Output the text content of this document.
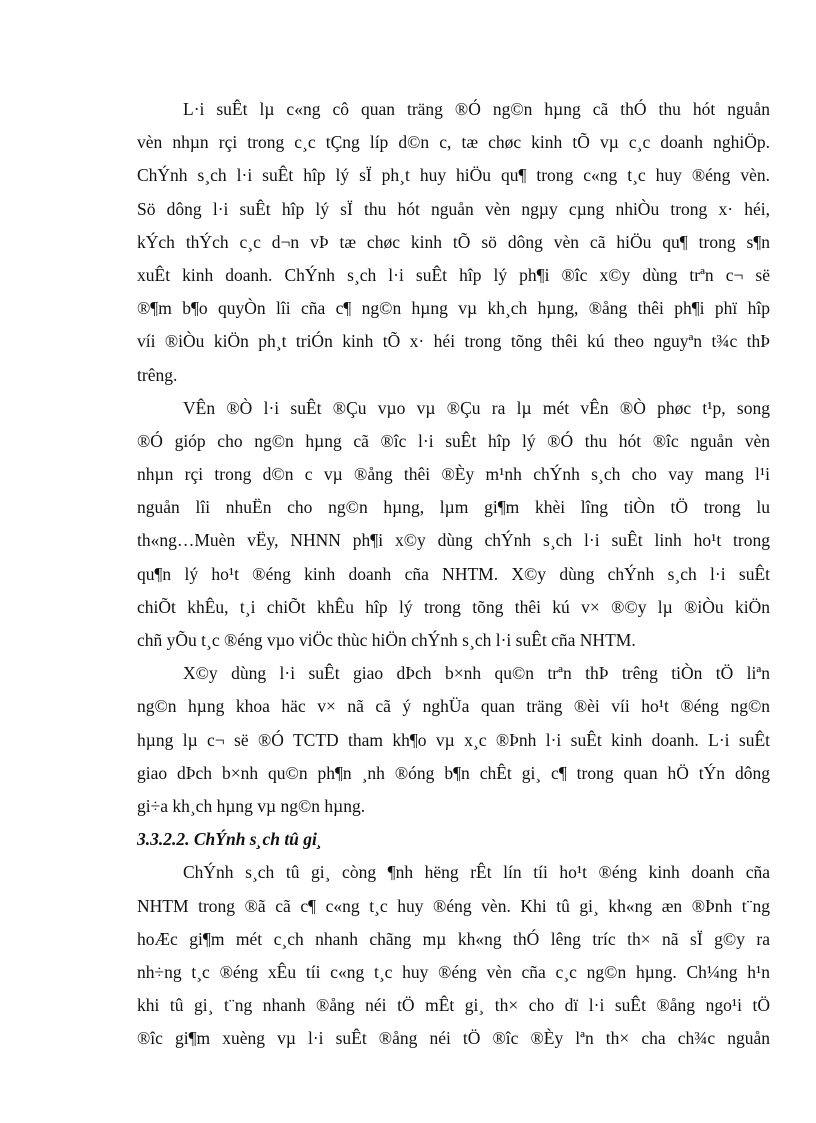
L·i suÊt lµ c«ng cô quan träng ®Ó ng©n hµng cã thÓ thu hót nguån
vèn nhµn rçi trong c¸c tÇng líp d©n c, tæ chøc kinh tÕ vµ c¸c doanh nghiÖp.
ChÝnh s¸ch l·i suÊt hîp lý sÏ ph¸t huy hiÖu qu¶ trong c«ng t¸c huy ®éng vèn.
Sö dông l·i suÊt hîp lý sÏ thu hót nguån vèn ngµy cµng nhiÒu trong x· héi,
kÝch thÝch c¸c d¬n vÞ tæ chøc kinh tÕ sö dông vèn cã hiÖu qu¶ trong s¶n
xuÊt kinh doanh. ChÝnh s¸ch l·i suÊt hîp lý ph¶i ®îc x©y dùng trªn c¬ së
®¶m b¶o quyÒn lîi cña c¶ ng©n hµng vµ kh¸ch hµng, ®ång thêi ph¶i phï hîp
víi ®iÒu kiÖn ph¸t triÓn kinh tÕ x· héi trong tõng thêi kú theo nguyªn t¾c thÞ
trêng.
VÊn ®Ò l·i suÊt ®Çu vµo vµ ®Çu ra lµ mét vÊn ®Ò phøc t¹p, song
®Ó gióp cho ng©n hµng cã ®îc l·i suÊt hîp lý ®Ó thu hót ®îc nguån vèn
nhµn rçi trong d©n c vµ ®ång thêi ®Èy m¹nh chÝnh s¸ch cho vay mang l¹i
nguån lîi nhuËn cho ng©n hµng, lµm gi¶m khèi lîng tiÒn tÖ trong lu
th«ng…Muèn vËy, NHNN ph¶i x©y dùng chÝnh s¸ch l·i suÊt linh ho¹t trong
qu¶n lý ho¹t ®éng kinh doanh cña NHTM. X©y dùng chÝnh s¸ch l·i suÊt
chiÕt khÊu, t¸i chiÕt khÊu hîp lý trong tõng thêi kú v× ®©y lµ ®iÒu kiÖn
chñ yÕu t¸c ®éng vµo viÖc thùc hiÖn chÝnh s¸ch l·i suÊt cña NHTM.
X©y dùng l·i suÊt giao dÞch b×nh qu©n trªn thÞ trêng tiÒn tÖ liªn
ng©n hµng khoa häc v× nã cã ý nghÜa quan träng ®èi víi ho¹t ®éng ng©n
hµng lµ c¬ së ®Ó TCTD tham kh¶o vµ x¸c ®Þnh l·i suÊt kinh doanh. L·i suÊt
giao dÞch b×nh qu©n ph¶n ¸nh ®óng b¶n chÊt gi¸ c¶ trong quan hÖ tÝn dông
gi÷a kh¸ch hµng vµ ng©n hµng.
3.3.2.2. ChÝnh s¸ch tû gi¸
ChÝnh s¸ch tû gi¸ còng ¶nh hëng rÊt lín tíi ho¹t ®éng kinh doanh cña
NHTM trong ®ã cã c¶ c«ng t¸c huy ®éng vèn. Khi tû gi¸ kh«ng æn ®Þnh t¨ng
hoÆc gi¶m mét c¸ch nhanh chãng mµ kh«ng thÓ lêng tríc th× nã sÏ g©y ra
nh÷ng t¸c ®éng xÊu tíi c«ng t¸c huy ®éng vèn cña c¸c ng©n hµng. Ch¼ng h¹n
khi tû gi¸ t¨ng nhanh ®ång néi tÖ mÊt gi¸ th× cho dï l·i suÊt ®ång ngo¹i tÖ
®îc gi¶m xuèng vµ l·i suÊt ®ång néi tÖ ®îc ®Èy lªn th× cha ch¾c nguån
